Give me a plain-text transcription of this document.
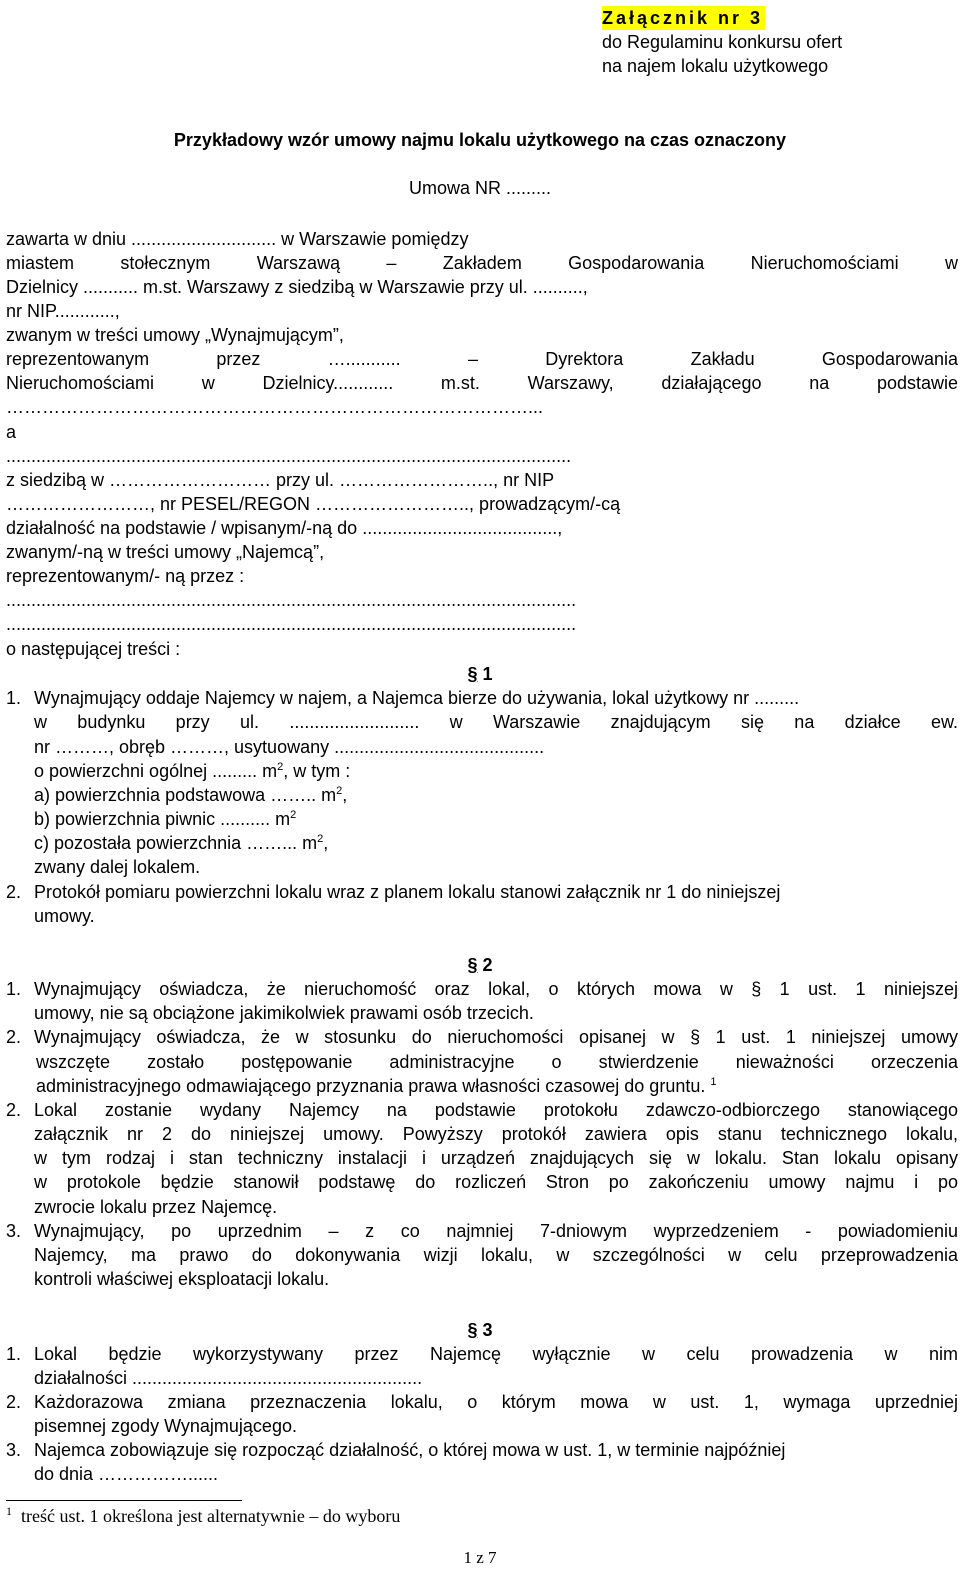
Załącznik nr 3
do Regulaminu konkursu ofert
na najem lokalu użytkowego
Przykładowy wzór umowy najmu lokalu użytkowego na czas oznaczony
Umowa NR .........
zawarta w dniu ............................. w Warszawie pomiędzy
miastem stołecznym Warszawą – Zakładem Gospodarowania Nieruchomościami w
Dzielnicy ........... m.st. Warszawy z siedzibą w Warszawie przy ul. ..........,
nr NIP............,
zwanym w treści umowy „Wynajmującym”,
reprezentowanym przez …........... – Dyrektora Zakładu Gospodarowania
Nieruchomościami w Dzielnicy............ m.st. Warszawy, działającego na podstawie
……………………………………………………………………………...
a
.................................................................................................................
z siedzibą w ……………………… przy ul. …………………….., nr NIP
……………………, nr PESEL/REGON …………………….., prowadzącym/-cą
działalność na podstawie / wpisanym/-ną do .......................................,
zwanym/-ną w treści umowy „Najemcą”,
reprezentowanym/- ną przez :
..................................................................................................................
..................................................................................................................
o następującej treści :
§ 1
1. Wynajmujący oddaje Najemcy w najem, a Najemca bierze do używania, lokal użytkowy nr .........
w budynku przy ul. .......................... w Warszawie znajdującym się na działce ew.
nr ………, obręb ………, usytuowany ..........................................
o powierzchni ogólnej ......... $m^2$, w tym :
a) powierzchnia podstawowa …….. $m^2$,
b) powierzchnia piwnic .......... $m^2$
c) pozostała powierzchnia ……... $m^2$,
zwany dalej lokalem.
2. Protokół pomiaru powierzchni lokalu wraz z planem lokalu stanowi załącznik nr 1 do niniejszej
umowy.
§ 2
1. Wynajmujący oświadcza, że nieruchomość oraz lokal, o których mowa w § 1 ust. 1 niniejszej
umowy, nie są obciążone jakimikolwiek prawami osób trzecich.
2. Wynajmujący oświadcza, że w stosunku do nieruchomości opisanej w § 1 ust. 1 niniejszej umowy
wszczęte zostało postępowanie administracyjne o stwierdzenie nieważności orzeczenia
administracyjnego odmawiającego przyznania prawa własności czasowej do gruntu. $^1$
2. Lokal zostanie wydany Najemcy na podstawie protokołu zdawczo-odbiorczego stanowiącego
załącznik nr 2 do niniejszej umowy. Powyższy protokół zawiera opis stanu technicznego lokalu,
w tym rodzaj i stan techniczny instalacji i urządzeń znajdujących się w lokalu. Stan lokalu opisany
w protokole będzie stanowił podstawę do rozliczeń Stron po zakończeniu umowy najmu i po
zwrocie lokalu przez Najemcę.
3. Wynajmujący, po uprzednim – z co najmniej 7-dniowym wyprzedzeniem - powiadomieniu
Najemcy, ma prawo do dokonywania wizji lokalu, w szczególności w celu przeprowadzenia
kontroli właściwej eksploatacji lokalu.
§ 3
1. Lokal będzie wykorzystywany przez Najemcę wyłącznie w celu prowadzenia w nim
działalności ..........................................................
2. Każdorazowa zmiana przeznaczenia lokalu, o którym mowa w ust. 1, wymaga uprzedniej
pisemnej zgody Wynajmującego.
3. Najemca zobowiązuje się rozpocząć działalność, o której mowa w ust. 1, w terminie najpóźniej
do dnia ……………......
$^1$ treść ust. 1 określona jest alternatywnie – do wyboru
1 z 7
